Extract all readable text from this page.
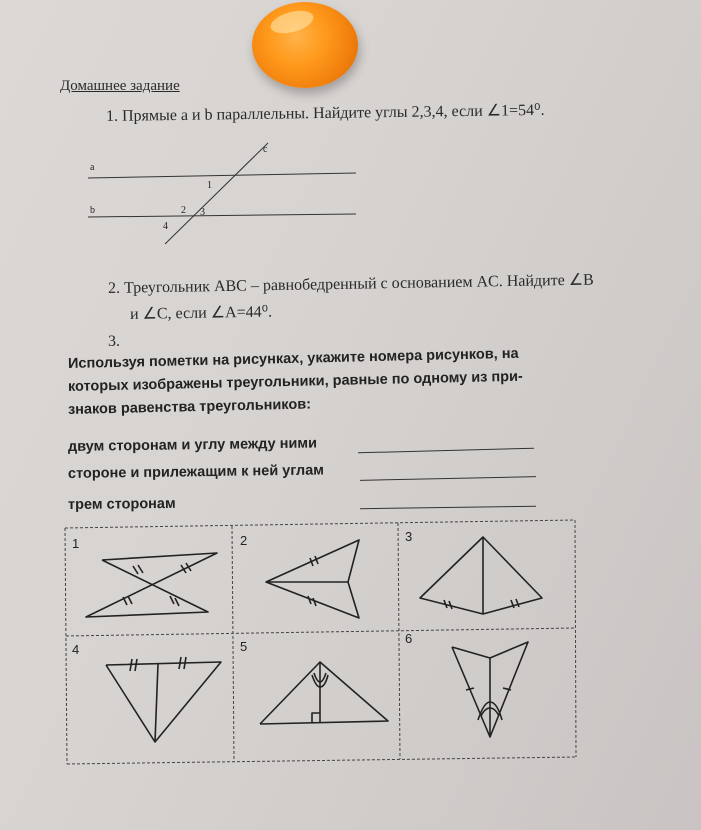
Домашнее задание
1. Прямые a и b параллельны. Найдите углы 2,3,4, если ∠1=54⁰.
2. Треугольник ABC – равнобедренный с основанием AC. Найдите ∠B
и ∠C, если ∠A=44⁰.
3.
Используя пометки на рисунках, укажите номера рисунков, на
которых изображены треугольники, равные по одному из при-
знаков равенства треугольников:
двум сторонам и углу между ними
стороне и прилежащим к ней углам
трем сторонам
a
b
c
1
2 3
4
1	2	3
4	5
6
